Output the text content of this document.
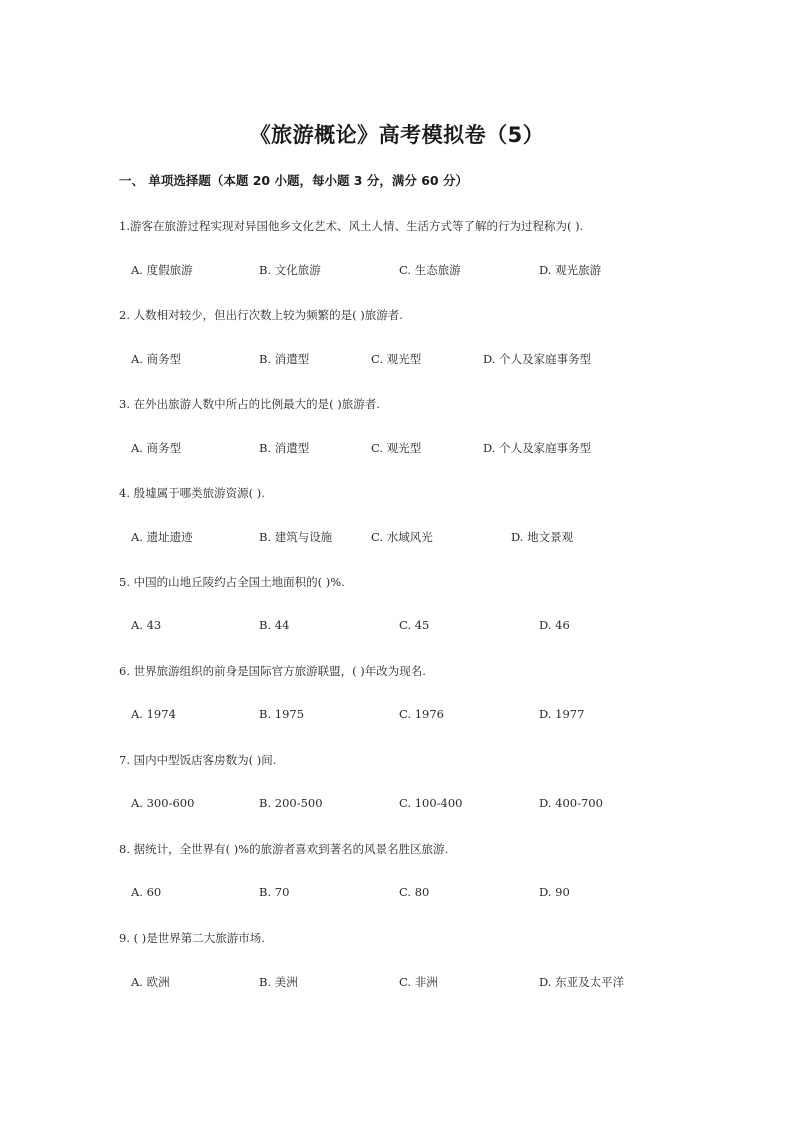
《旅游概论》高考模拟卷（5）
一、 单项选择题（本题 20 小题，每小题 3 分，满分 60 分）
1.游客在旅游过程实现对异国他乡文化艺术、风土人情、生活方式等了解的行为过程称为( ).
A. 度假旅游	B. 文化旅游	C. 生态旅游	D. 观光旅游
2. 人数相对较少，但出行次数上较为频繁的是( )旅游者.
A. 商务型	B. 消遣型	C. 观光型	D. 个人及家庭事务型
3. 在外出旅游人数中所占的比例最大的是( )旅游者.
A. 商务型	B. 消遣型	C. 观光型	D. 个人及家庭事务型
4. 殷墟属于哪类旅游资源( ).
A. 遗址遗迹	B. 建筑与设施	C. 水域风光	D. 地文景观
5. 中国的山地丘陵约占全国土地面积的( )%.
A. 43	B. 44	C. 45	D. 46
6. 世界旅游组织的前身是国际官方旅游联盟，( )年改为现名.
A. 1974	B. 1975	C. 1976	D. 1977
7. 国内中型饭店客房数为( )间.
A. 300-600	B. 200-500	C. 100-400	D. 400-700
8. 据统计，全世界有( )%的旅游者喜欢到著名的风景名胜区旅游.
A. 60	B. 70	C. 80	D. 90
9. ( )是世界第二大旅游市场.
A. 欧洲	B. 美洲	C. 非洲	D. 东亚及太平洋
